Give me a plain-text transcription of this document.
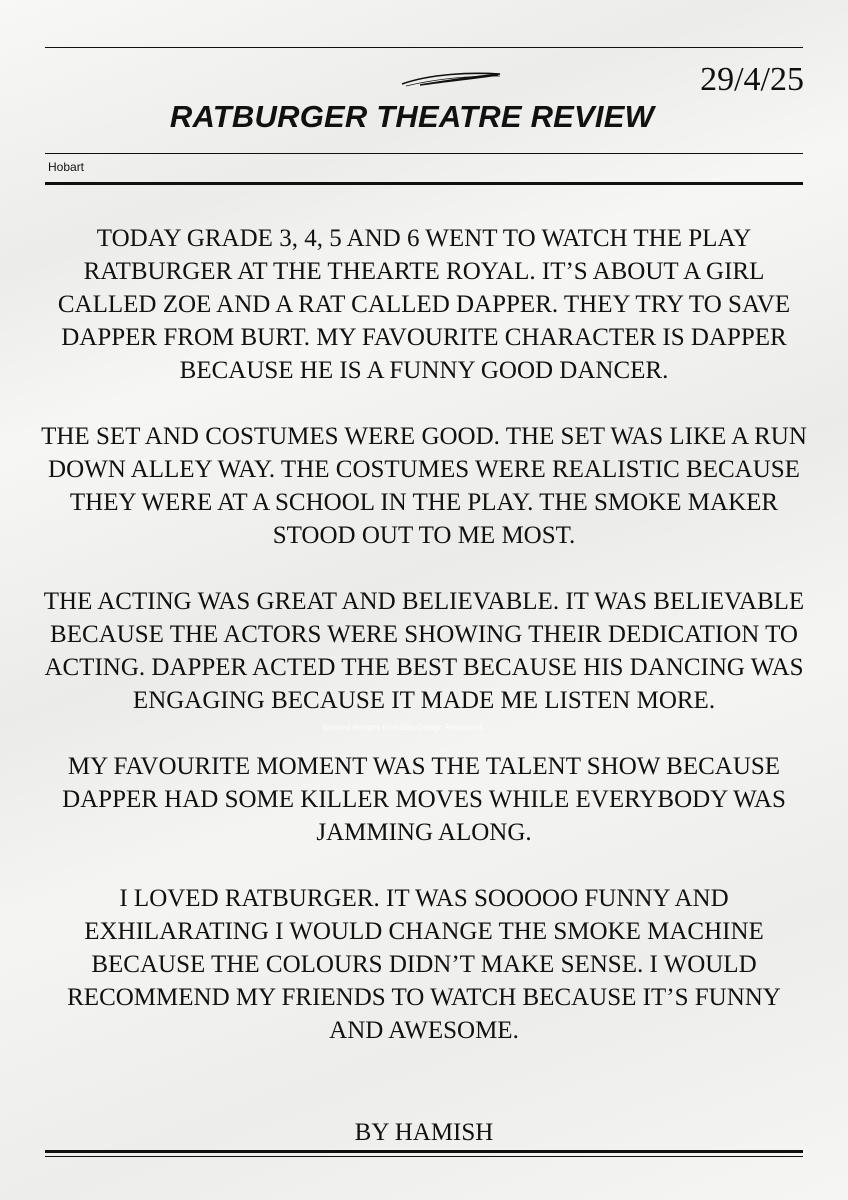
29/4/25
RATBURGER THEATRE REVIEW
Hobart

TODAY GRADE 3, 4, 5 AND 6 WENT TO WATCH THE PLAY RATBURGER AT THE THEARTE ROYAL. IT’S ABOUT A GIRL CALLED ZOE AND A RAT CALLED DAPPER. THEY TRY TO SAVE DAPPER FROM BURT. MY FAVOURITE CHARACTER IS DAPPER BECAUSE HE IS A FUNNY GOOD DANCER.

THE SET AND COSTUMES WERE GOOD. THE SET WAS LIKE A RUN DOWN ALLEY WAY. THE COSTUMES WERE REALISTIC BECAUSE THEY WERE AT A SCHOOL IN THE PLAY. THE SMOKE MAKER STOOD OUT TO ME MOST.

THE ACTING WAS GREAT AND BELIEVABLE. IT WAS BELIEVABLE BECAUSE THE ACTORS WERE SHOWING THEIR DEDICATION TO ACTING. DAPPER ACTED THE BEST BECAUSE HIS DANCING WAS ENGAGING BECAUSE IT MADE ME LISTEN MORE.

MY FAVOURITE MOMENT WAS THE TALENT SHOW BECAUSE DAPPER HAD SOME KILLER MOVES WHILE EVERYBODY WAS JAMMING ALONG.

I LOVED RATBURGER. IT WAS SOOOOO FUNNY AND EXHILARATING I WOULD CHANGE THE SMOKE MACHINE BECAUSE THE COLOURS DIDN’T MAKE SENSE. I WOULD RECOMMEND MY FRIENDS TO WATCH BECAUSE IT’S FUNNY AND AWESOME.

Inspired designs from Edu-Design Resources
BY HAMISH
